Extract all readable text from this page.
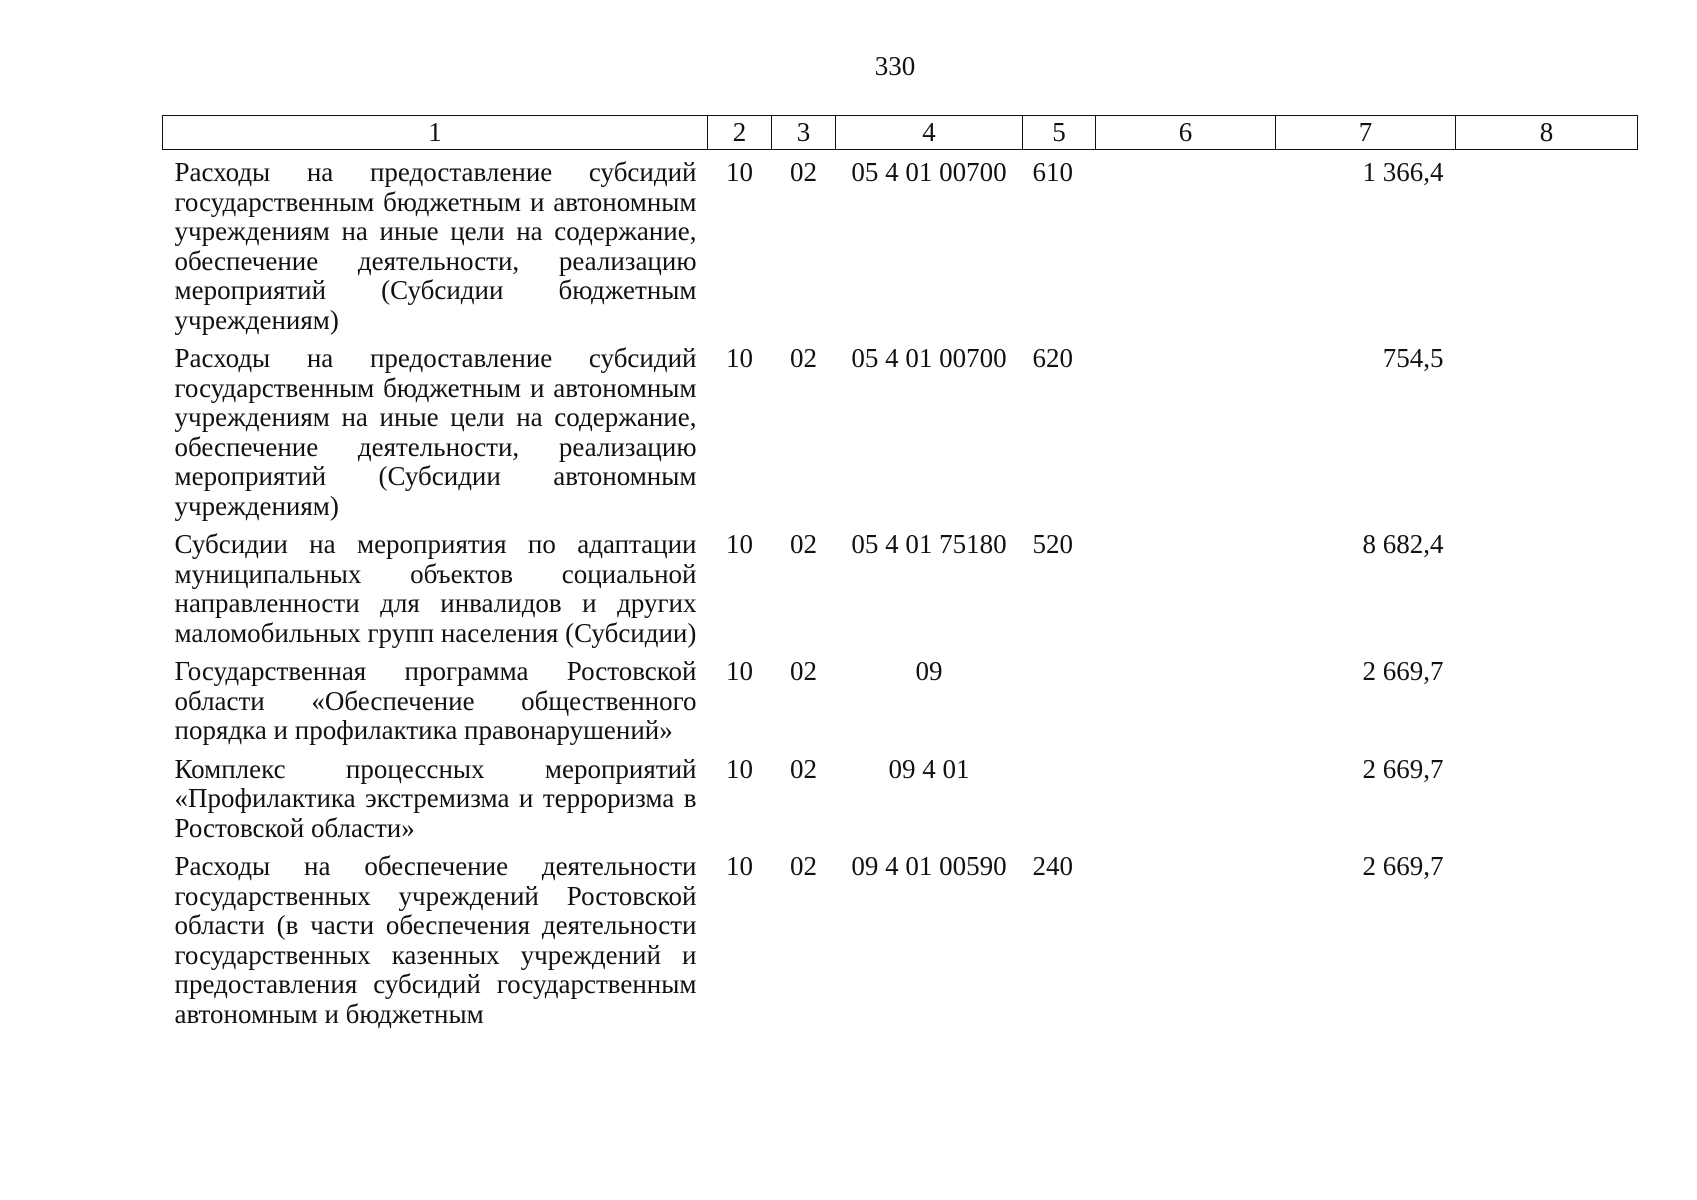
330
1	2	3	4	5	6	7	8
Расходы на предоставление субсидий государственным бюджетным и автономным учреждениям на иные цели на содержание, обеспечение деятельности, реализацию мероприятий (Субсидии бюджетным учреждениям)	10	02	05 4 01 00700	610		1 366,4	
Расходы на предоставление субсидий государственным бюджетным и автономным учреждениям на иные цели на содержание, обеспечение деятельности, реализацию мероприятий (Субсидии автономным учреждениям)	10	02	05 4 01 00700	620		754,5	
Субсидии на мероприятия по адаптации муниципальных объектов социальной направленности для инвалидов и других маломобильных групп населения (Субсидии)	10	02	05 4 01 75180	520		8 682,4	
Государственная программа Ростовской области «Обеспечение общественного порядка и профилактика правонарушений»	10	02	09			2 669,7	
Комплекс процессных мероприятий «Профилактика экстремизма и терроризма в Ростовской области»	10	02	09 4 01			2 669,7	
Расходы на обеспечение деятельности государственных учреждений Ростовской области (в части обеспечения деятельности государственных казенных учреждений и предоставления субсидий государственным автономным и бюджетным	10	02	09 4 01 00590	240		2 669,7	
